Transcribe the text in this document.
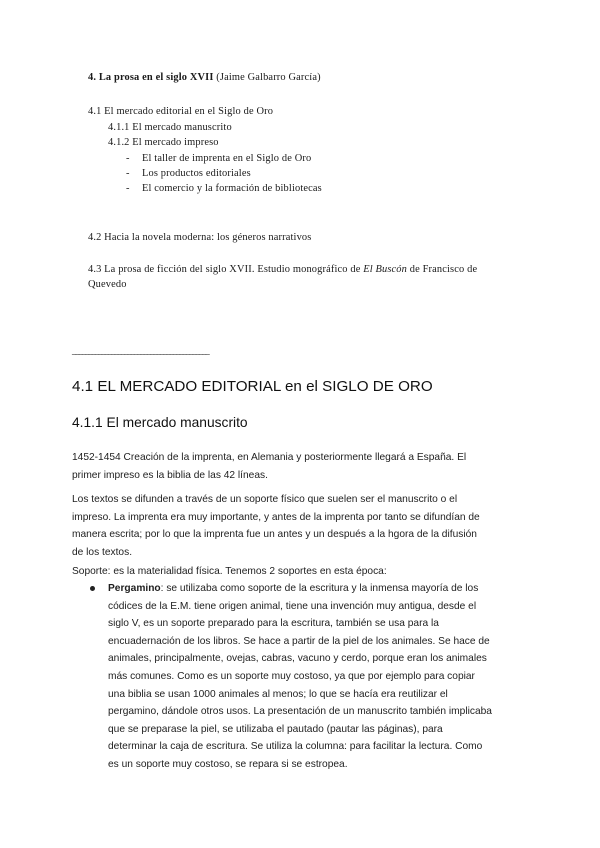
4. La prosa en el siglo XVII (Jaime Galbarro García)
4.1 El mercado editorial en el Siglo de Oro
4.1.1 El mercado manuscrito
4.1.2 El mercado impreso
- El taller de imprenta en el Siglo de Oro
- Los productos editoriales
- El comercio y la formación de bibliotecas
4.2 Hacia la novela moderna: los géneros narrativos
4.3 La prosa de ficción del siglo XVII. Estudio monográfico de El Buscón de Francisco de
Quevedo
__________________________________________
4.1 EL MERCADO EDITORIAL en el SIGLO DE ORO
4.1.1 El mercado manuscrito
1452-1454 Creación de la imprenta, en Alemania y posteriormente llegará a España. El
primer impreso es la biblia de las 42 líneas.
Los textos se difunden a través de un soporte físico que suelen ser el manuscrito o el
impreso. La imprenta era muy importante, y antes de la imprenta por tanto se difundían de
manera escrita; por lo que la imprenta fue un antes y un después a la hgora de la difusión
de los textos.
Soporte: es la materialidad física. Tenemos 2 soportes en esta época:
Pergamino: se utilizaba como soporte de la escritura y la inmensa mayoría de los
códices de la E.M. tiene origen animal, tiene una invención muy antigua, desde el
siglo V, es un soporte preparado para la escritura, también se usa para la
encuadernación de los libros. Se hace a partir de la piel de los animales. Se hace de
animales, principalmente, ovejas, cabras, vacuno y cerdo, porque eran los animales
más comunes. Como es un soporte muy costoso, ya que por ejemplo para copiar
una biblia se usan 1000 animales al menos; lo que se hacía era reutilizar el
pergamino, dándole otros usos. La presentación de un manuscrito también implicaba
que se preparase la piel, se utilizaba el pautado (pautar las páginas), para
determinar la caja de escritura. Se utiliza la columna: para facilitar la lectura. Como
es un soporte muy costoso, se repara si se estropea.
